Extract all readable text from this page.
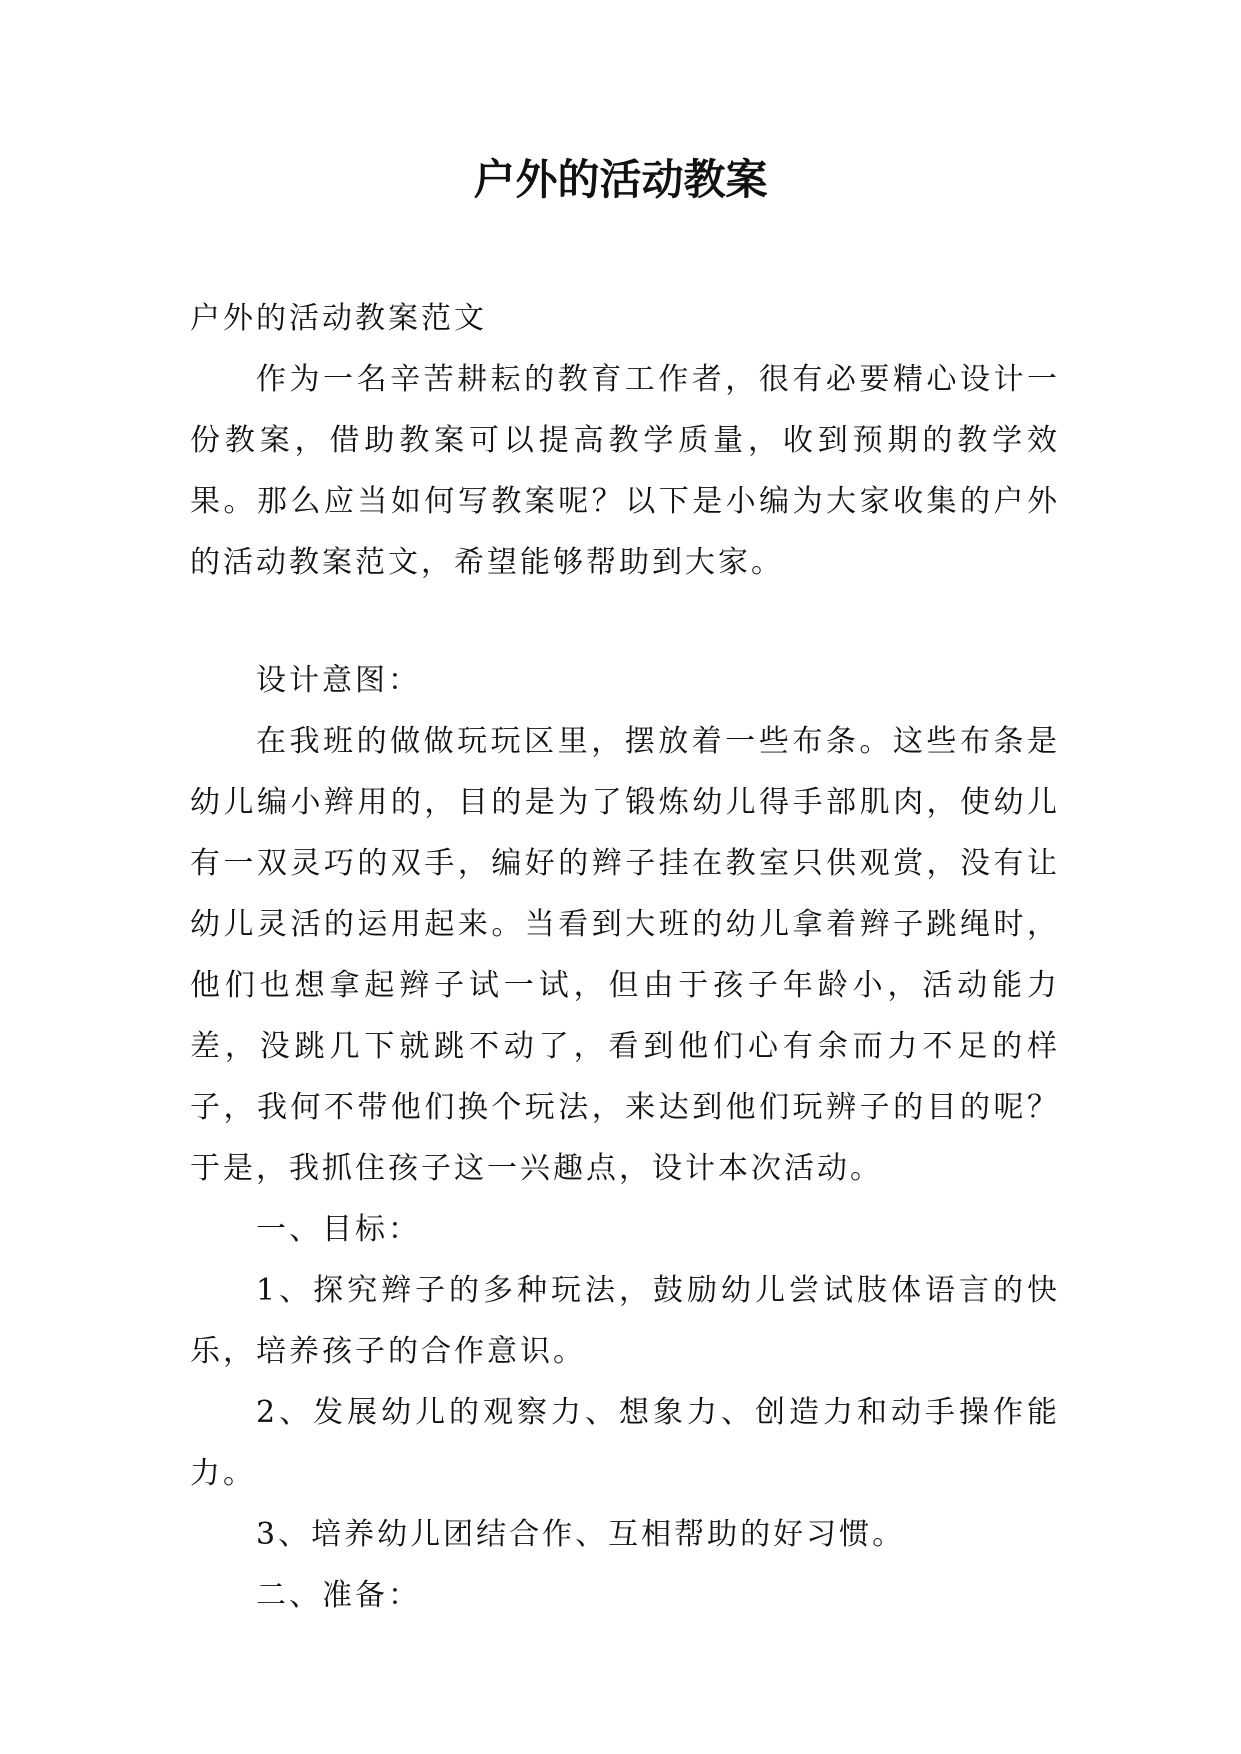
户外的活动教案

户外的活动教案范文

作为一名辛苦耕耘的教育工作者，很有必要精心设计一份教案，借助教案可以提高教学质量，收到预期的教学效果。那么应当如何写教案呢？以下是小编为大家收集的户外的活动教案范文，希望能够帮助到大家。

设计意图：

在我班的做做玩玩区里，摆放着一些布条。这些布条是幼儿编小辫用的，目的是为了锻炼幼儿得手部肌肉，使幼儿有一双灵巧的双手，编好的辫子挂在教室只供观赏，没有让幼儿灵活的运用起来。当看到大班的幼儿拿着辫子跳绳时，他们也想拿起辫子试一试，但由于孩子年龄小，活动能力差，没跳几下就跳不动了，看到他们心有余而力不足的样子，我何不带他们换个玩法，来达到他们玩辨子的目的呢？于是，我抓住孩子这一兴趣点，设计本次活动。

一、目标：

1、探究辫子的多种玩法，鼓励幼儿尝试肢体语言的快乐，培养孩子的合作意识。

2、发展幼儿的观察力、想象力、创造力和动手操作能力。

3、培养幼儿团结合作、互相帮助的好习惯。

二、准备：
